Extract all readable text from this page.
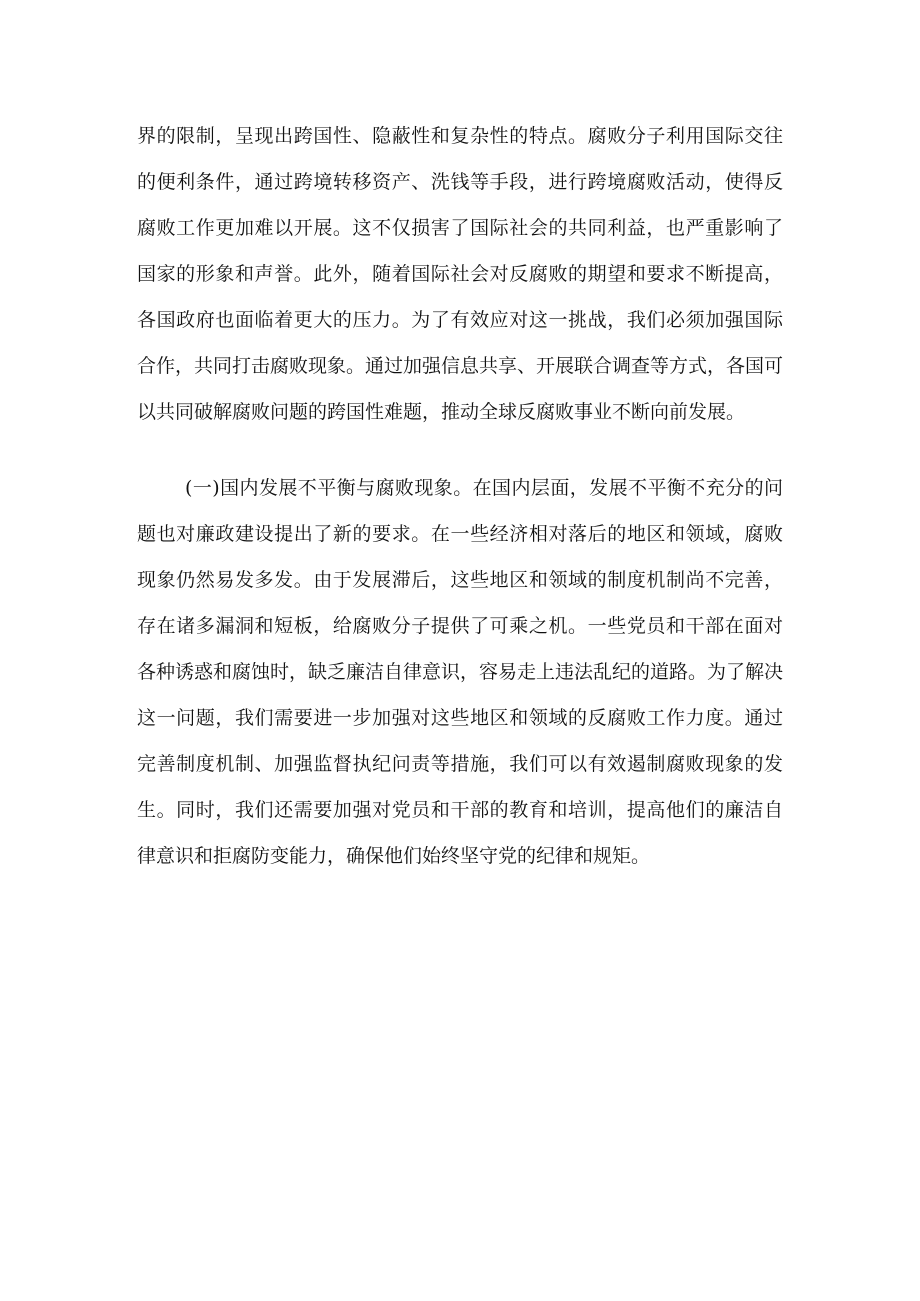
界的限制，呈现出跨国性、隐蔽性和复杂性的特点。腐败分子利用国际交往
的便利条件，通过跨境转移资产、洗钱等手段，进行跨境腐败活动，使得反
腐败工作更加难以开展。这不仅损害了国际社会的共同利益，也严重影响了
国家的形象和声誉。此外，随着国际社会对反腐败的期望和要求不断提高，
各国政府也面临着更大的压力。为了有效应对这一挑战，我们必须加强国际
合作，共同打击腐败现象。通过加强信息共享、开展联合调查等方式，各国可
以共同破解腐败问题的跨国性难题，推动全球反腐败事业不断向前发展。
(一)国内发展不平衡与腐败现象。在国内层面，发展不平衡不充分的问
题也对廉政建设提出了新的要求。在一些经济相对落后的地区和领域，腐败
现象仍然易发多发。由于发展滞后，这些地区和领域的制度机制尚不完善，
存在诸多漏洞和短板，给腐败分子提供了可乘之机。一些党员和干部在面对
各种诱惑和腐蚀时，缺乏廉洁自律意识，容易走上违法乱纪的道路。为了解决
这一问题，我们需要进一步加强对这些地区和领域的反腐败工作力度。通过
完善制度机制、加强监督执纪问责等措施，我们可以有效遏制腐败现象的发
生。同时，我们还需要加强对党员和干部的教育和培训，提高他们的廉洁自
律意识和拒腐防变能力，确保他们始终坚守党的纪律和规矩。
